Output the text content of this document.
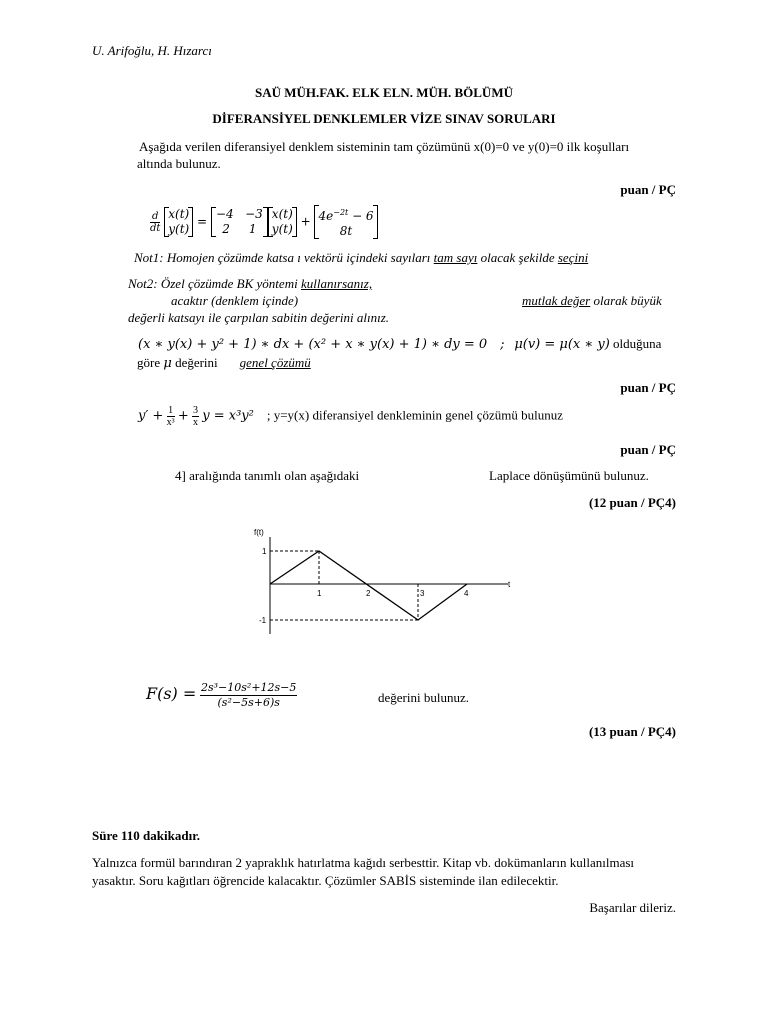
U. Arifoğlu, H. Hızarcı
SAÜ MÜH.FAK. ELK ELN. MÜH. BÖLÜMÜ
DİFERANSİYEL DENKLEMLER VİZE SINAV SORULARI
Aşağıda verilen diferansiyel denklem sisteminin tam çözümünü x(0)=0 ve y(0)=0 ilk koşulları
altında bulunuz.
puan / PÇ
$\frac{d}{dt}$
x(t)
y(t)
=
−4 −3
2 1
x(t)
y(t)
+ $4e^{-2t} - 6$
8t
Not1: Homojen çözümde katsa ı vektörü içindeki sayıları tam sayı olacak şekilde seçini
Not2: Özel çözümde BK yöntemi kullanırsanız,
acaktır (denklem içinde)	mutlak değer olarak büyük
değerli katsayı ile çarpılan sabitin değerini alınız.
(x ∗ y(x) + y² + 1) ∗ dx + (x² + x ∗ y(x) + 1) ∗ dy = 0 ; μ(v) = μ(x ∗ y) olduğuna
göre μ değerini genel çözümü
puan / PÇ
$y' + \frac{1}{\text{x³}} + \frac{3}{x}$ y = x³y² ; y=y(x) diferansiyel denkleminin genel çözümü bulunuz
puan / PÇ
4] aralığında tanımlı olan aşağıdaki	Laplace dönüşümünü bulunuz.
(12 puan / PÇ4)
f(t)
t
1	2	3	4
1
-1
$F(s) = \frac{\text{2s³−10s²+12s−5}}{\text{(s²−5s+6)s}}$	değerini bulunuz.
(13 puan / PÇ4)
Süre 110 dakikadır.
Yalnızca formül barındıran 2 yapraklık hatırlatma kağıdı serbesttir. Kitap vb. dokümanların kullanılması
yasaktır. Soru kağıtları öğrencide kalacaktır. Çözümler SABİS sisteminde ilan edilecektir.
Başarılar dileriz.
